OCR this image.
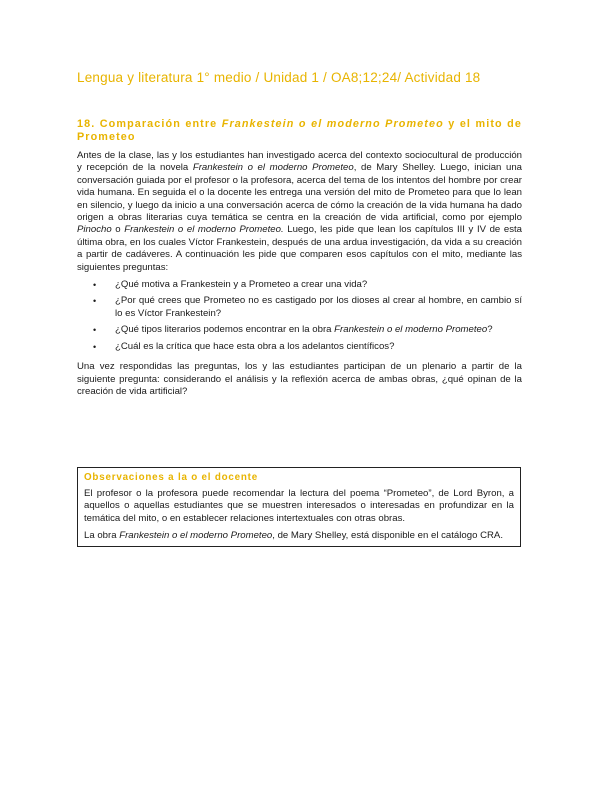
Lengua y literatura 1° medio / Unidad 1 / OA8;12;24/ Actividad 18
18. Comparación entre Frankestein o el moderno Prometeo y el mito de Prometeo

Antes de la clase, las y los estudiantes han investigado acerca del contexto sociocultural de producción y recepción de la novela Frankestein o el moderno Prometeo, de Mary Shelley. Luego, inician una conversación guiada por el profesor o la profesora, acerca del tema de los intentos del hombre por crear vida humana. En seguida el o la docente les entrega una versión del mito de Prometeo para que lo lean en silencio, y luego da inicio a una conversación acerca de cómo la creación de la vida humana ha dado origen a obras literarias cuya temática se centra en la creación de vida artificial, como por ejemplo Pinocho o Frankestein o el moderno Prometeo. Luego, les pide que lean los capítulos III y IV de esta última obra, en los cuales Víctor Frankestein, después de una ardua investigación, da vida a su creación a partir de cadáveres. A continuación les pide que comparen esos capítulos con el mito, mediante las siguientes preguntas:

• ¿Qué motiva a Frankestein y a Prometeo a crear una vida?
• ¿Por qué crees que Prometeo no es castigado por los dioses al crear al hombre, en cambio sí lo es Víctor Frankestein?
• ¿Qué tipos literarios podemos encontrar en la obra Frankestein o el moderno Prometeo?
• ¿Cuál es la crítica que hace esta obra a los adelantos científicos?

Una vez respondidas las preguntas, los y las estudiantes participan de un plenario a partir de la siguiente pregunta: considerando el análisis y la reflexión acerca de ambas obras, ¿qué opinan de la creación de vida artificial?

Observaciones a la o el docente

El profesor o la profesora puede recomendar la lectura del poema “Prometeo”, de Lord Byron, a aquellos o aquellas estudiantes que se muestren interesados o interesadas en profundizar en la temática del mito, o en establecer relaciones intertextuales con otras obras.

La obra Frankestein o el moderno Prometeo, de Mary Shelley, está disponible en el catálogo CRA.
